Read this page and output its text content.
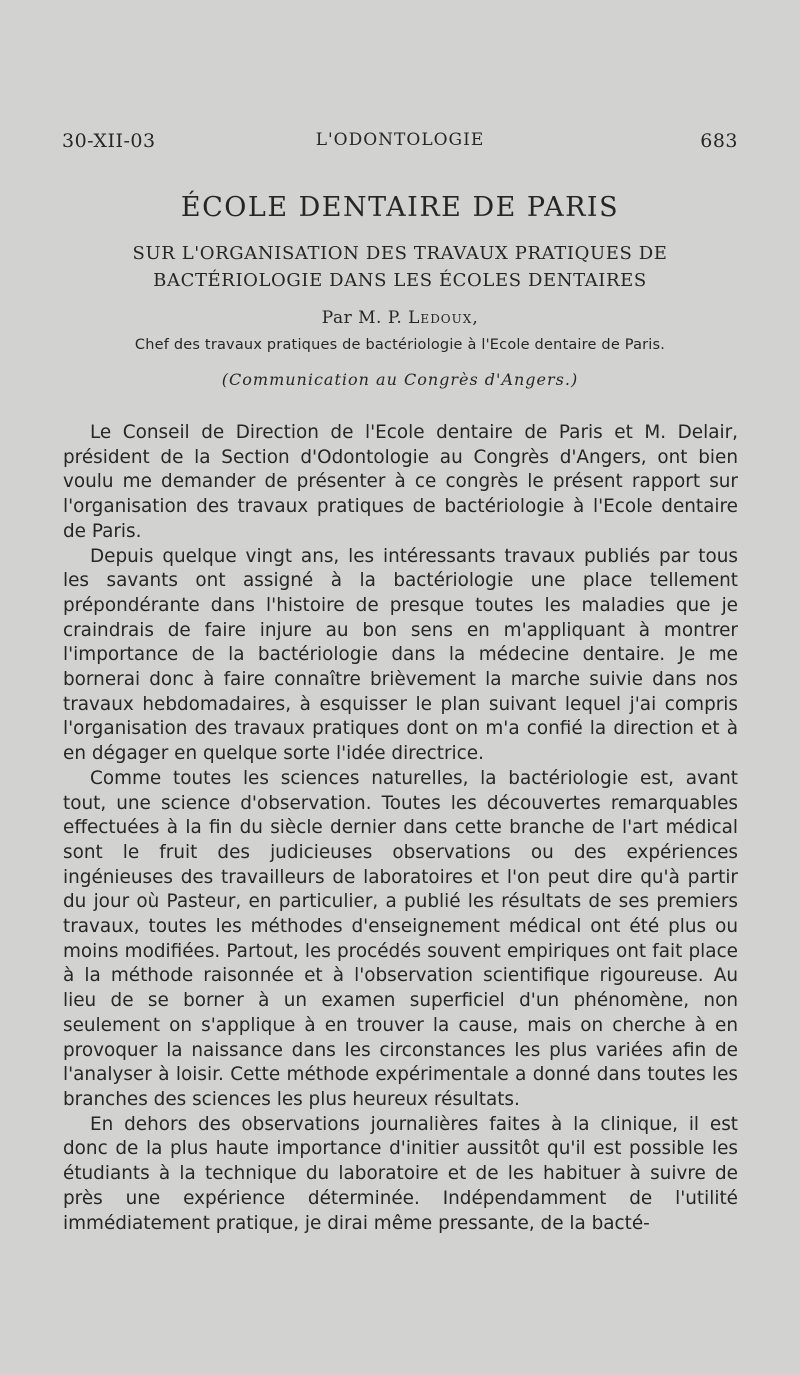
30-XII-03	L'ODONTOLOGIE	683
ÉCOLE DENTAIRE DE PARIS
SUR L'ORGANISATION DES TRAVAUX PRATIQUES DE BACTÉRIOLOGIE DANS LES ÉCOLES DENTAIRES
Par M. P. Ledoux,
Chef des travaux pratiques de bactériologie à l'Ecole dentaire de Paris.
(Communication au Congrès d'Angers.)

Le Conseil de Direction de l'Ecole dentaire de Paris et M. Delair, président de la Section d'Odontologie au Congrès d'Angers, ont bien voulu me demander de présenter à ce congrès le présent rapport sur l'organisation des travaux pratiques de bactériologie à l'Ecole dentaire de Paris.

Depuis quelque vingt ans, les intéressants travaux publiés par tous les savants ont assigné à la bactériologie une place tellement prépondérante dans l'histoire de presque toutes les maladies que je craindrais de faire injure au bon sens en m'appliquant à montrer l'importance de la bactériologie dans la médecine dentaire. Je me bornerai donc à faire connaître brièvement la marche suivie dans nos travaux hebdomadaires, à esquisser le plan suivant lequel j'ai compris l'organisation des travaux pratiques dont on m'a confié la direction et à en dégager en quelque sorte l'idée directrice.

Comme toutes les sciences naturelles, la bactériologie est, avant tout, une science d'observation. Toutes les découvertes remarquables effectuées à la fin du siècle dernier dans cette branche de l'art médical sont le fruit des judicieuses observations ou des expériences ingénieuses des travailleurs de laboratoires et l'on peut dire qu'à partir du jour où Pasteur, en particulier, a publié les résultats de ses premiers travaux, toutes les méthodes d'enseignement médical ont été plus ou moins modifiées. Partout, les procédés souvent empiriques ont fait place à la méthode raisonnée et à l'observation scientifique rigoureuse. Au lieu de se borner à un examen superficiel d'un phénomène, non seulement on s'applique à en trouver la cause, mais on cherche à en provoquer la naissance dans les circonstances les plus variées afin de l'analyser à loisir. Cette méthode expérimentale a donné dans toutes les branches des sciences les plus heureux résultats.

En dehors des observations journalières faites à la clinique, il est donc de la plus haute importance d'initier aussitôt qu'il est possible les étudiants à la technique du laboratoire et de les habituer à suivre de près une expérience déterminée. Indépendamment de l'utilité immédiatement pratique, je dirai même pressante, de la bacté-
